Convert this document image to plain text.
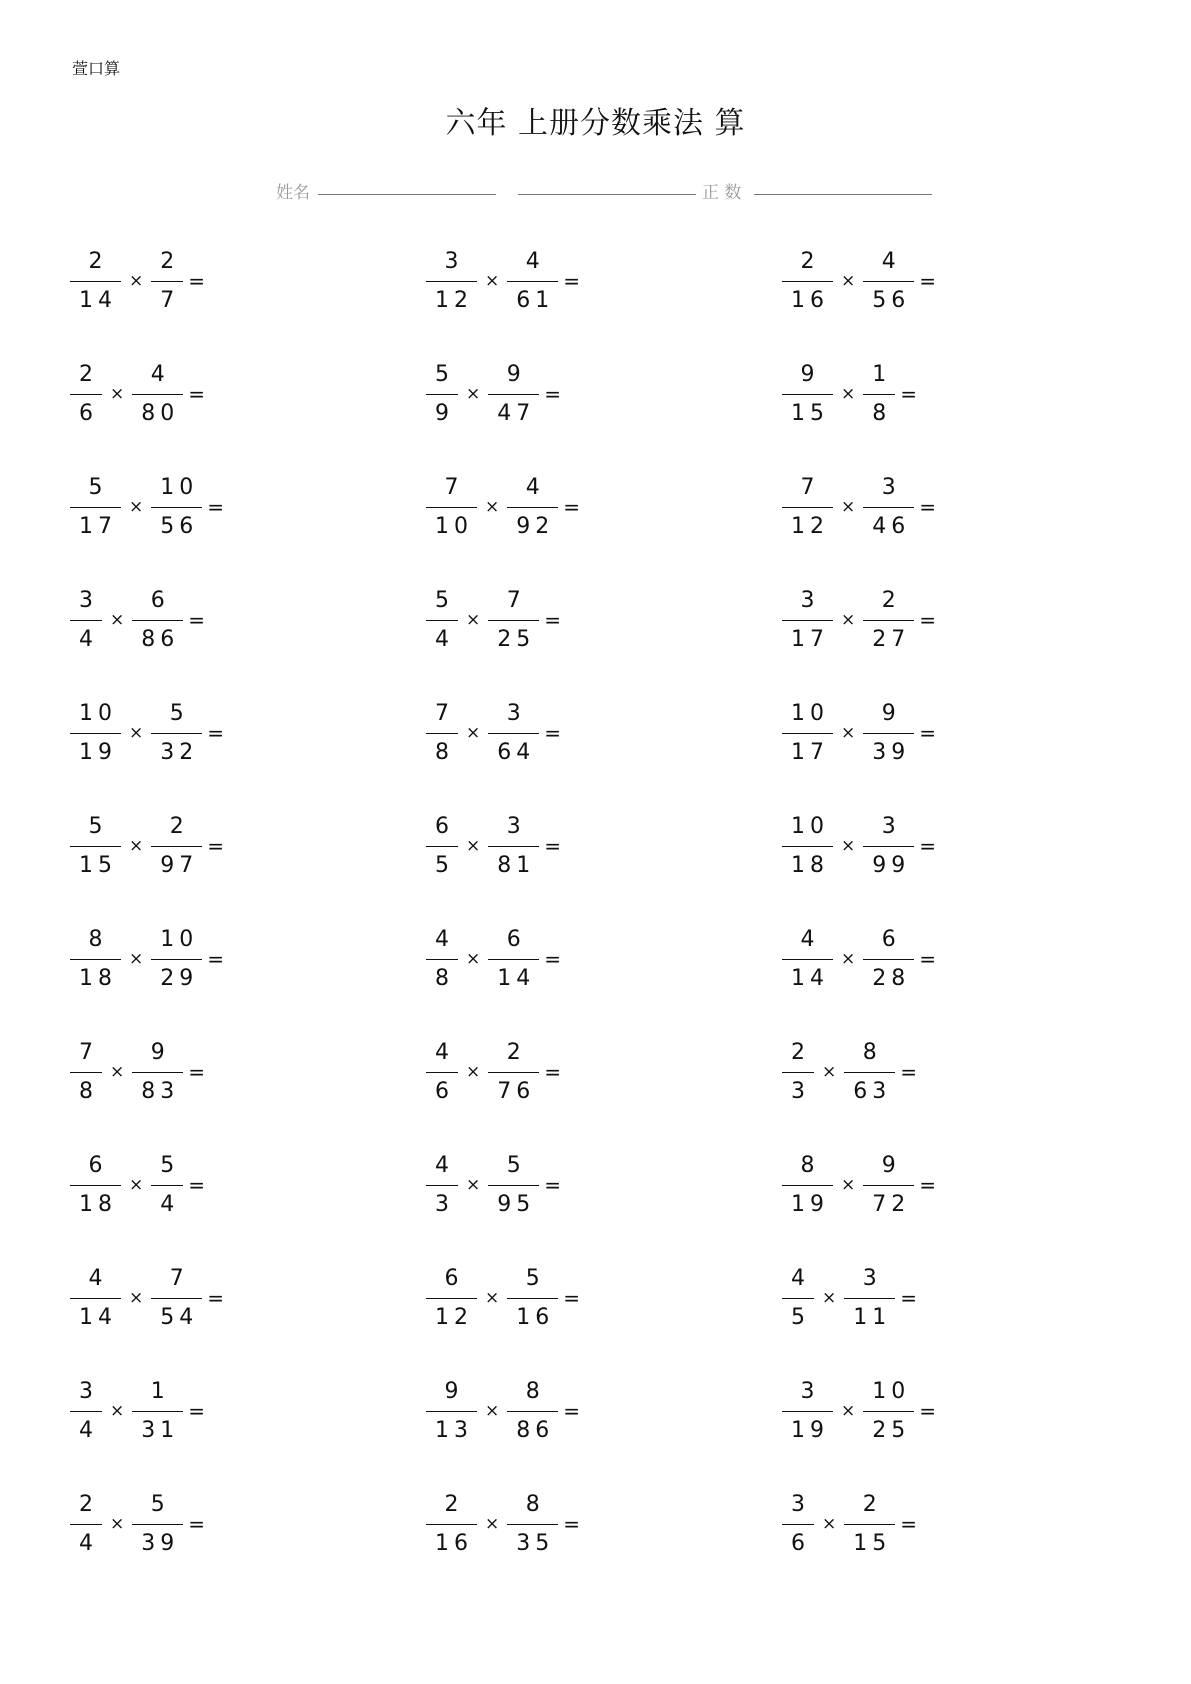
萱口算
六年 上册分数乘法 算
姓名	正 数
$\frac{2}{14} \times \frac{2}{7}$ =
$\frac{2}{6} \times \frac{4}{80}$ =
$\frac{5}{17} \times \frac{10}{56}$ =
$\frac{3}{4} \times \frac{6}{86}$ =
$\frac{10}{19} \times \frac{5}{32}$ =
$\frac{5}{15} \times \frac{2}{97}$ =
$\frac{8}{18} \times \frac{10}{29}$ =
$\frac{7}{8} \times \frac{9}{83}$ =
$\frac{6}{18} \times \frac{5}{4}$ =
$\frac{4}{14} \times \frac{7}{54}$ =
$\frac{3}{4} \times \frac{1}{31}$ =
$\frac{2}{4} \times \frac{5}{39}$ =
$\frac{3}{12} \times \frac{4}{61}$ =
$\frac{5}{9} \times \frac{9}{47}$ =
$\frac{7}{10} \times \frac{4}{92}$ =
$\frac{5}{4} \times \frac{7}{25}$ =
$\frac{7}{8} \times \frac{3}{64}$ =
$\frac{6}{5} \times \frac{3}{81}$ =
$\frac{4}{8} \times \frac{6}{14}$ =
$\frac{4}{6} \times \frac{2}{76}$ =
$\frac{4}{3} \times \frac{5}{95}$ =
$\frac{6}{12} \times \frac{5}{16}$ =
$\frac{9}{13} \times \frac{8}{86}$ =
$\frac{2}{16} \times \frac{8}{35}$ =
$\frac{2}{16} \times \frac{4}{56}$ =
$\frac{9}{15} \times \frac{1}{8}$ =
$\frac{7}{12} \times \frac{3}{46}$ =
$\frac{3}{17} \times \frac{2}{27}$ =
$\frac{10}{17} \times \frac{9}{39}$ =
$\frac{10}{18} \times \frac{3}{99}$ =
$\frac{4}{14} \times \frac{6}{28}$ =
$\frac{2}{3} \times \frac{8}{63}$ =
$\frac{8}{19} \times \frac{9}{72}$ =
$\frac{4}{5} \times \frac{3}{11}$ =
$\frac{3}{19} \times \frac{10}{25}$ =
$\frac{3}{6} \times \frac{2}{15}$ =
